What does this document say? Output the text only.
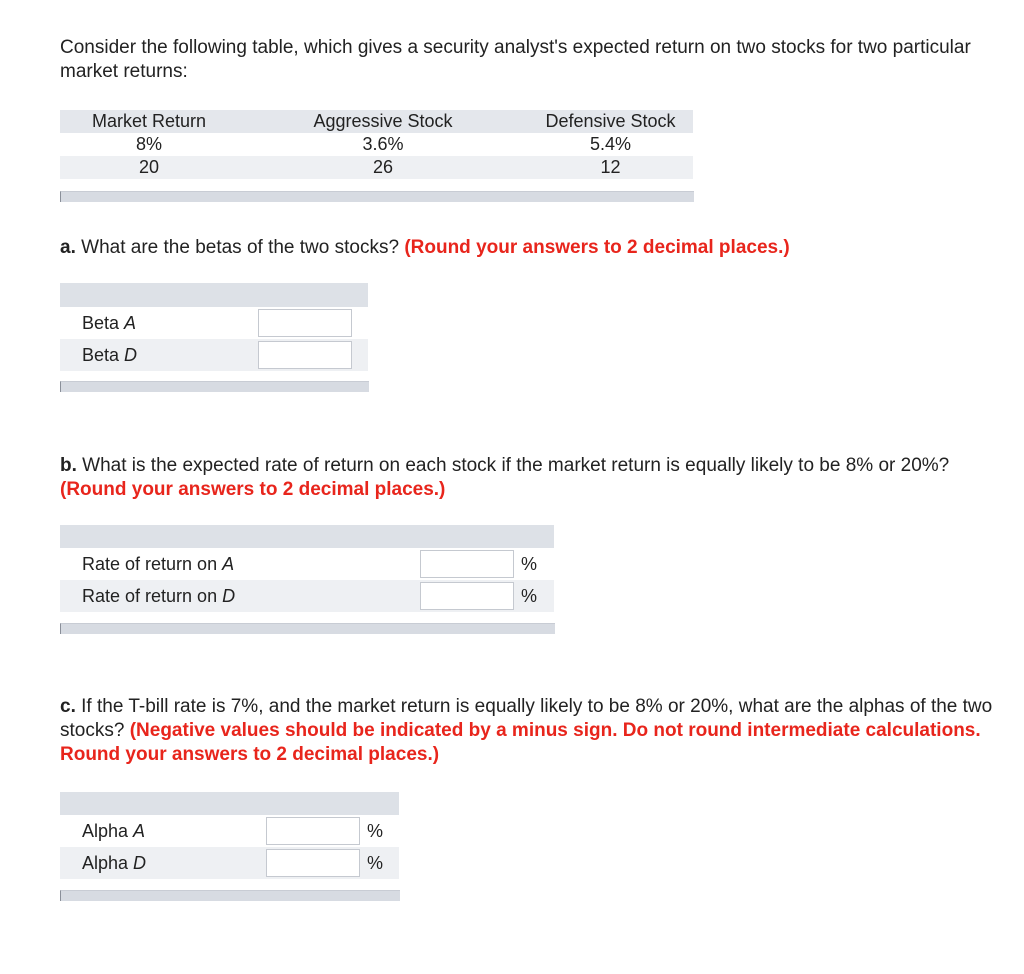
Consider the following table, which gives a security analyst's expected return on two stocks for two particular market returns:
Market Return	Aggressive Stock	Defensive Stock
8%	3.6%	5.4%
20	26	12
a. What are the betas of the two stocks? (Round your answers to 2 decimal places.)
Beta A
Beta D
b. What is the expected rate of return on each stock if the market return is equally likely to be 8% or 20%? (Round your answers to 2 decimal places.)
Rate of return on A	%
Rate of return on D	%
c. If the T-bill rate is 7%, and the market return is equally likely to be 8% or 20%, what are the alphas of the two stocks? (Negative values should be indicated by a minus sign. Do not round intermediate calculations. Round your answers to 2 decimal places.)
Alpha A	%
Alpha D	%
